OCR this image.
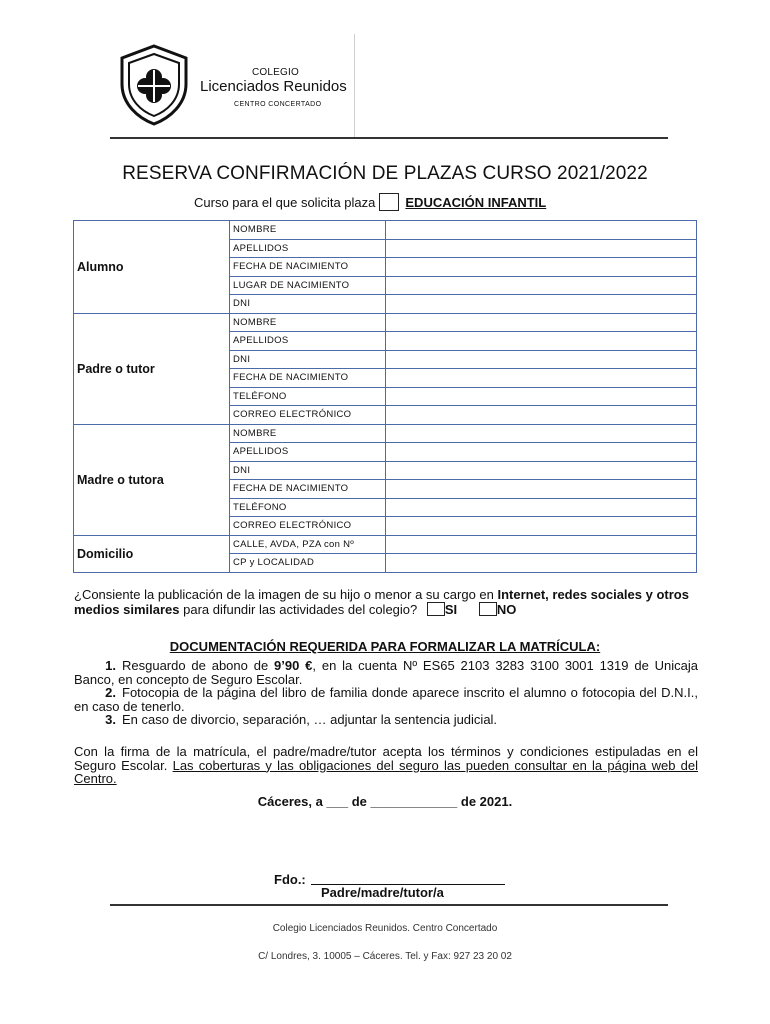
COLEGIO
Licenciados Reunidos
CENTRO CONCERTADO
RESERVA CONFIRMACIÓN DE PLAZAS CURSO 2021/2022
Curso para el que solicita plaza EDUCACIÓN INFANTIL
Alumno	NOMBRE	
	APELLIDOS	
	FECHA DE NACIMIENTO	
	LUGAR DE NACIMIENTO	
	DNI	
Padre o tutor	NOMBRE	
	APELLIDOS	
	DNI	
	FECHA DE NACIMIENTO	
	TELÉFONO	
	CORREO ELECTRÓNICO	
Madre o tutora	NOMBRE	
	APELLIDOS	
	DNI	
	FECHA DE NACIMIENTO	
	TELÉFONO	
	CORREO ELECTRÓNICO	
Domicilio	CALLE, AVDA, PZA con Nº	
	CP y LOCALIDAD	
¿Consiente la publicación de la imagen de su hijo o menor a su cargo en Internet, redes sociales y otros medios similares para difundir las actividades del colegio? SI	NO
DOCUMENTACIÓN REQUERIDA PARA FORMALIZAR LA MATRÍCULA:
1. Resguardo de abono de 9’90 €, en la cuenta Nº ES65 2103 3283 3100 3001 1319 de Unicaja Banco, en concepto de Seguro Escolar.
2. Fotocopia de la página del libro de familia donde aparece inscrito el alumno o fotocopia del D.N.I., en caso de tenerlo.
3. En caso de divorcio, separación, … adjuntar la sentencia judicial.
Con la firma de la matrícula, el padre/madre/tutor acepta los términos y condiciones estipuladas en el Seguro Escolar. Las coberturas y las obligaciones del seguro las pueden consultar en la página web del Centro.
Cáceres, a ___ de ____________ de 2021.
Fdo.:
Padre/madre/tutor/a
Colegio Licenciados Reunidos. Centro Concertado
C/ Londres, 3. 10005 – Cáceres. Tel. y Fax: 927 23 20 02
